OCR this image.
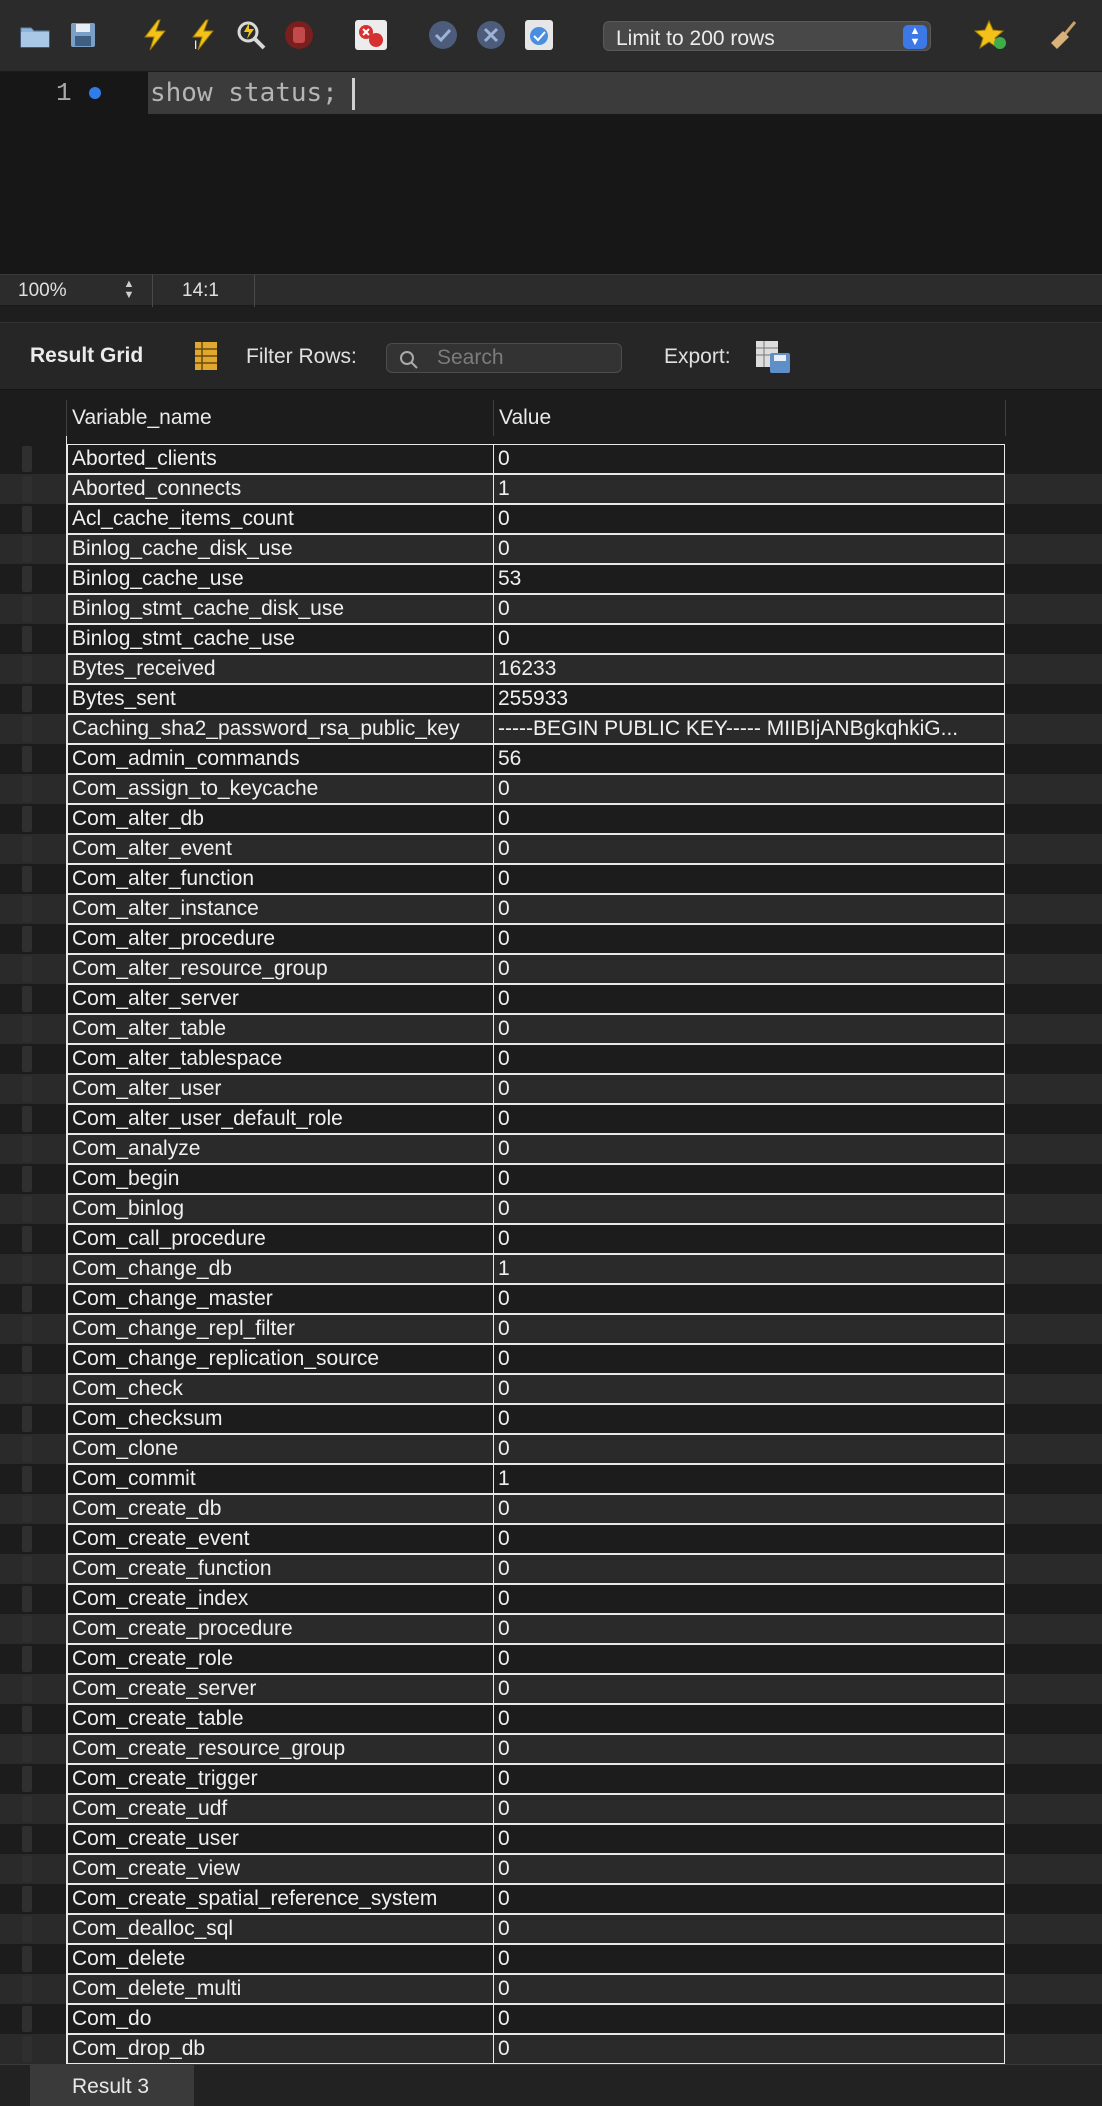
I	Limit to 200 rows	▲
▼
1	show status;
100%	▲
▼	14:1
Result Grid	Filter Rows:
Search	Export:
Variable_name	Value
Aborted_clients	0
Aborted_connects	1
Acl_cache_items_count	0
Binlog_cache_disk_use	0
Binlog_cache_use	53
Binlog_stmt_cache_disk_use	0
Binlog_stmt_cache_use	0
Bytes_received	16233
Bytes_sent	255933
Caching_sha2_password_rsa_public_key	-----BEGIN PUBLIC KEY----- MIIBIjANBgkqhkiG...
Com_admin_commands	56
Com_assign_to_keycache	0
Com_alter_db	0
Com_alter_event	0
Com_alter_function	0
Com_alter_instance	0
Com_alter_procedure	0
Com_alter_resource_group	0
Com_alter_server	0
Com_alter_table	0
Com_alter_tablespace	0
Com_alter_user	0
Com_alter_user_default_role	0
Com_analyze	0
Com_begin	0
Com_binlog	0
Com_call_procedure	0
Com_change_db	1
Com_change_master	0
Com_change_repl_filter	0
Com_change_replication_source	0
Com_check	0
Com_checksum	0
Com_clone	0
Com_commit	1
Com_create_db	0
Com_create_event	0
Com_create_function	0
Com_create_index	0
Com_create_procedure	0
Com_create_role	0
Com_create_server	0
Com_create_table	0
Com_create_resource_group	0
Com_create_trigger	0
Com_create_udf	0
Com_create_user	0
Com_create_view	0
Com_create_spatial_reference_system	0
Com_dealloc_sql	0
Com_delete	0
Com_delete_multi	0
Com_do	0
Com_drop_db	0
Result 3
